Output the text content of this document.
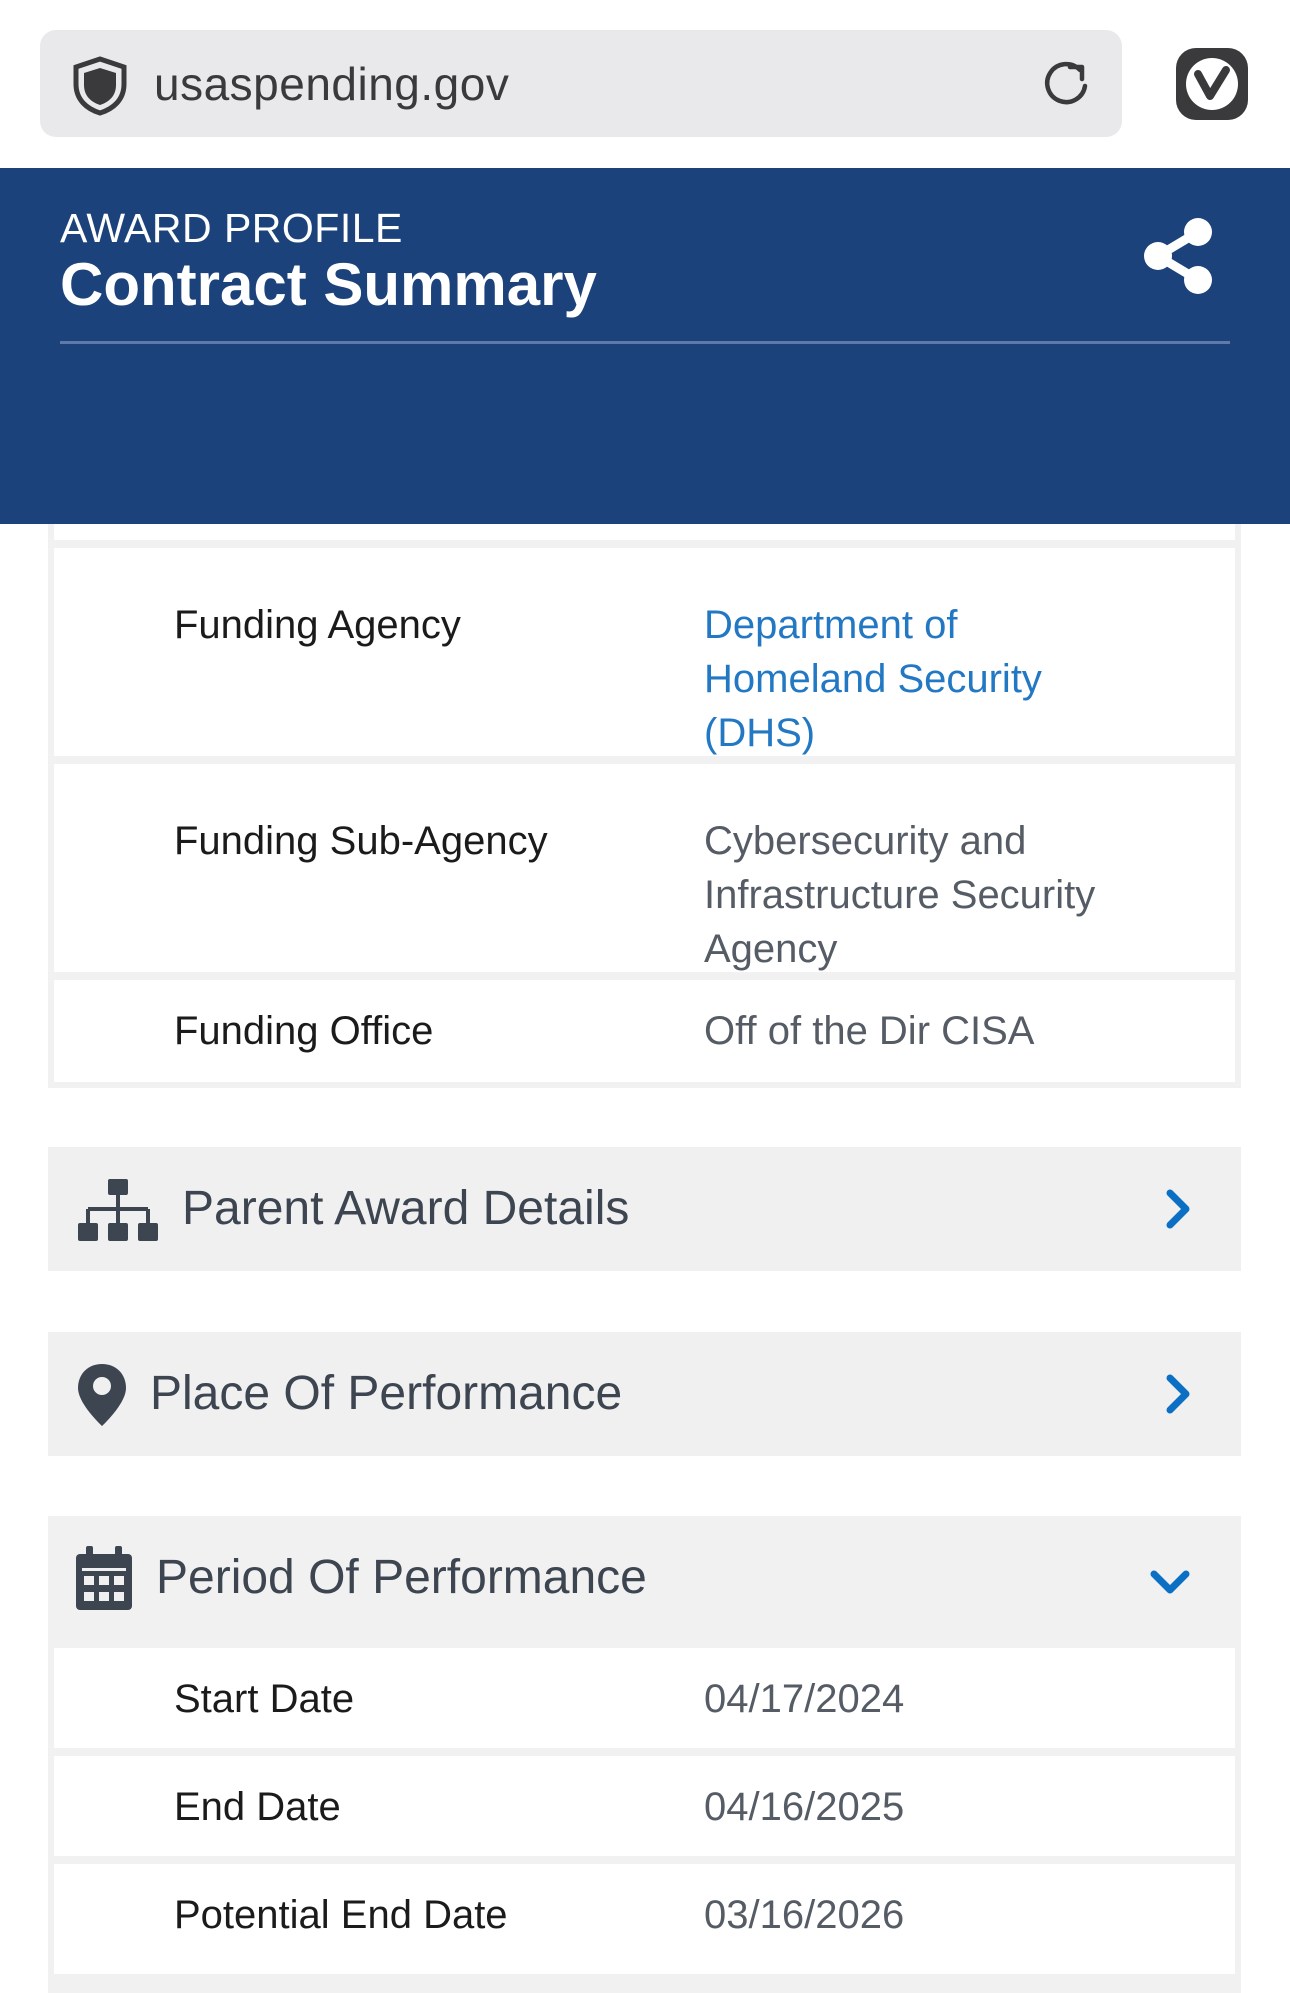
usaspending.gov
AWARD PROFILE
Contract Summary
Funding Agency	Department of Homeland Security (DHS)
Funding Sub-Agency	Cybersecurity and Infrastructure Security Agency
Funding Office	Off of the Dir CISA
Parent Award Details
Place Of Performance
Period Of Performance
Start Date	04/17/2024
End Date	04/16/2025
Potential End Date	03/16/2026
